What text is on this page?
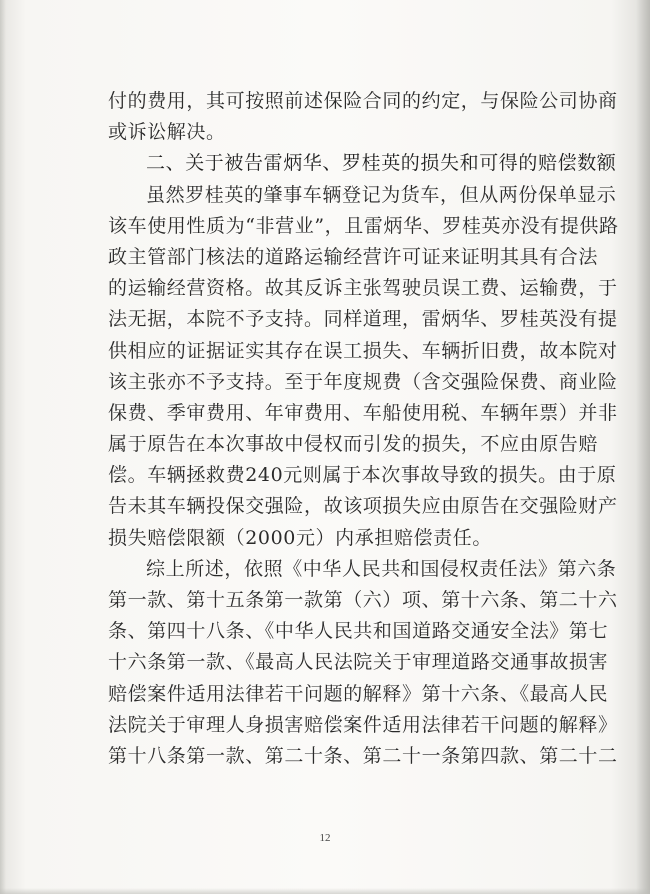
付的费用，其可按照前述保险合同的约定，与保险公司协商
或诉讼解决。
二、关于被告雷炳华、罗桂英的损失和可得的赔偿数额
虽然罗桂英的肇事车辆登记为货车，但从两份保单显示
该车使用性质为“非营业”，且雷炳华、罗桂英亦没有提供路
政主管部门核法的道路运输经营许可证来证明其具有合法
的运输经营资格。故其反诉主张驾驶员误工费、运输费，于
法无据，本院不予支持。同样道理，雷炳华、罗桂英没有提
供相应的证据证实其存在误工损失、车辆折旧费，故本院对
该主张亦不予支持。至于年度规费（含交强险保费、商业险
保费、季审费用、年审费用、车船使用税、车辆年票）并非
属于原告在本次事故中侵权而引发的损失，不应由原告赔
偿。车辆拯救费240元则属于本次事故导致的损失。由于原
告未其车辆投保交强险，故该项损失应由原告在交强险财产
损失赔偿限额（2000元）内承担赔偿责任。
综上所述，依照《中华人民共和国侵权责任法》第六条
第一款、第十五条第一款第（六）项、第十六条、第二十六
条、第四十八条、《中华人民共和国道路交通安全法》第七
十六条第一款、《最高人民法院关于审理道路交通事故损害
赔偿案件适用法律若干问题的解释》第十六条、《最高人民
法院关于审理人身损害赔偿案件适用法律若干问题的解释》
第十八条第一款、第二十条、第二十一条第四款、第二十二
12
